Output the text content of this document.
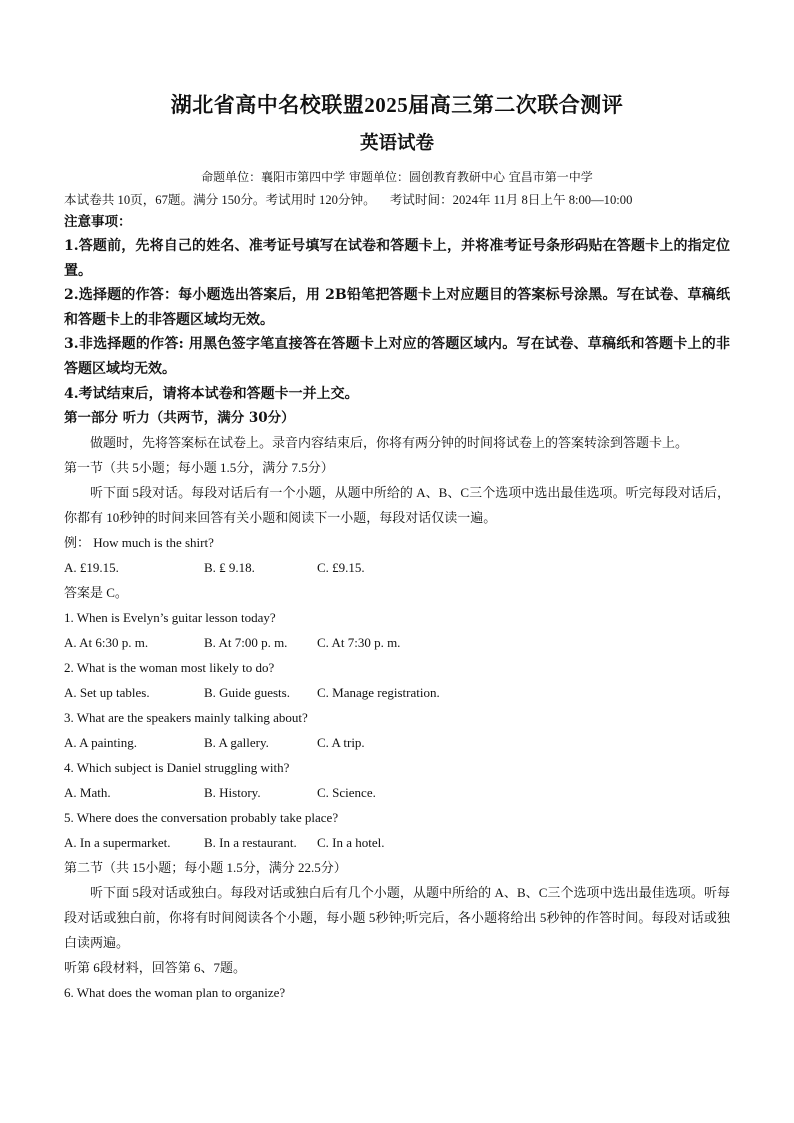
湖北省高中名校联盟2025届高三第二次联合测评
英语试卷
命题单位：襄阳市第四中学 审题单位：圆创教育教研中心 宜昌市第一中学
本试卷共 10页，67题。满分 150分。考试用时 120分钟。 考试时间：2024年 11月 8日上午 8:00—10:00
注意事项：

1.答题前，先将自己的姓名、准考证号填写在试卷和答题卡上，并将准考证号条形码贴在答题卡上的指定位置。

2.选择题的作答：每小题选出答案后，用 2B铅笔把答题卡上对应题目的答案标号涂黑。写在试卷、草稿纸和答题卡上的非答题区域均无效。

3.非选择题的作答: 用黑色签字笔直接答在答题卡上对应的答题区域内。写在试卷、草稿纸和答题卡上的非答题区域均无效。

4.考试结束后，请将本试卷和答题卡一并上交。

第一部分 听力（共两节，满分 30分）

做题时，先将答案标在试卷上。录音内容结束后，你将有两分钟的时间将试卷上的答案转涂到答题卡上。

第一节（共 5小题；每小题 1.5分，满分 7.5分）

听下面 5段对话。每段对话后有一个小题，从题中所给的 A、B、C三个选项中选出最佳选项。听完每段对话后，你都有 10秒钟的时间来回答有关小题和阅读下一小题，每段对话仅读一遍。

例： How much is the shirt?

A. £19.15.	B. ₤ 9.18.	C. £9.15.

答案是 C。

1. When is Evelyn’s guitar lesson today?

A. At 6:30 p. m.	B. At 7:00 p. m.	C. At 7:30 p. m.

2. What is the woman most likely to do?

A. Set up tables.	B. Guide guests.	C. Manage registration.

3. What are the speakers mainly talking about?

A. A painting.	B. A gallery.	C. A trip.

4. Which subject is Daniel struggling with?

A. Math.	B. History.	C. Science.

5. Where does the conversation probably take place?

A. In a supermarket.	B. In a restaurant.	C. In a hotel.

第二节（共 15小题；每小题 1.5分，满分 22.5分）

听下面 5段对话或独白。每段对话或独白后有几个小题，从题中所给的 A、B、C三个选项中选出最佳选项。听每段对话或独白前，你将有时间阅读各个小题，每小题 5秒钟;听完后，各小题将给出 5秒钟的作答时间。每段对话或独白读两遍。

听第 6段材料，回答第 6、7题。

6. What does the woman plan to organize?
